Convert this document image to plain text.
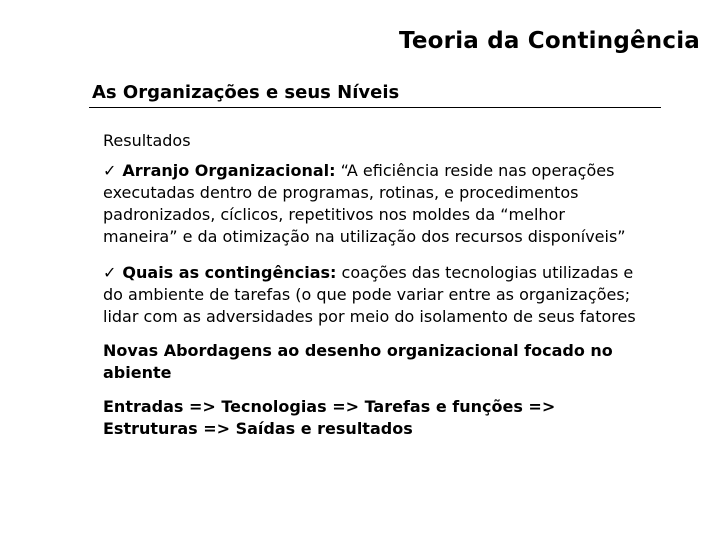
Teoria da Contingência
As Organizações e seus Níveis

Resultados

✓ Arranjo Organizacional: “A eficiência reside nas operações executadas dentro de programas, rotinas, e procedimentos padronizados, cíclicos, repetitivos nos moldes da “melhor maneira” e da otimização na utilização dos recursos disponíveis”

✓ Quais as contingências: coações das tecnologias utilizadas e do ambiente de tarefas (o que pode variar entre as organizações; lidar com as adversidades por meio do isolamento de seus fatores

Novas Abordagens ao desenho organizacional focado no abiente

Entradas => Tecnologias => Tarefas e funções => Estruturas => Saídas e resultados
